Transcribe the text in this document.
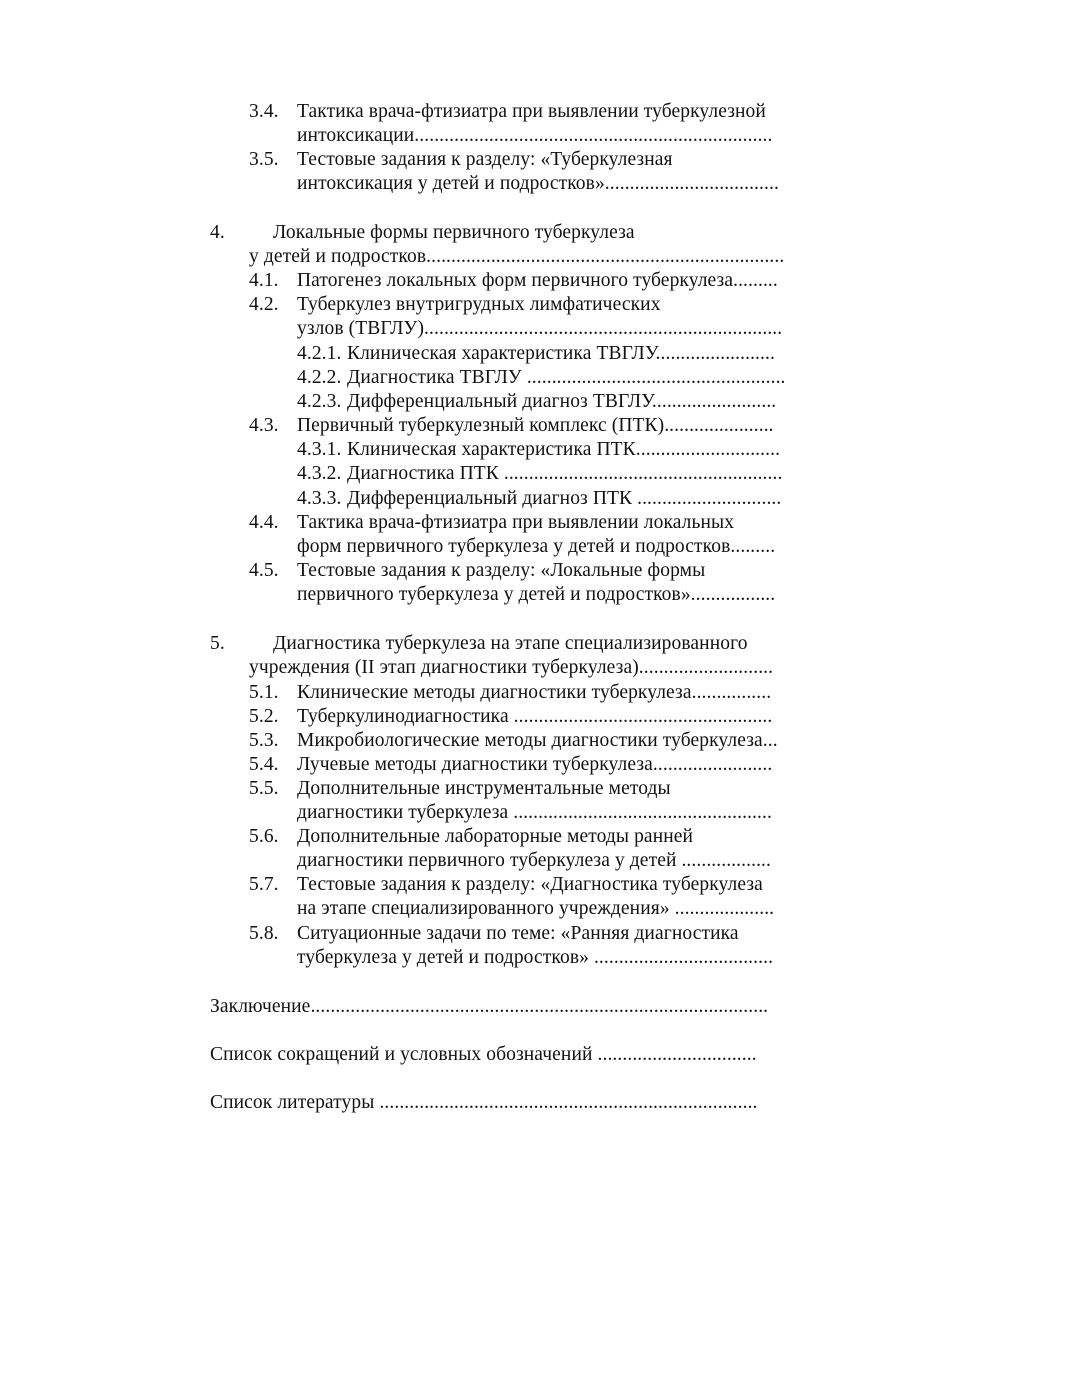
3.4. Тактика врача-фтизиатра при выявлении туберкулезной
интоксикации........................................................................
3.5. Тестовые задания к разделу: «Туберкулезная
интоксикация у детей и подростков»...................................
4. Локальные формы первичного туберкулеза
у детей и подростков........................................................................
4.1. Патогенез локальных форм первичного туберкулеза.........
4.2. Туберкулез внутригрудных лимфатических
узлов (ТВГЛУ)........................................................................
4.2.1. Клиническая характеристика ТВГЛУ........................
4.2.2. Диагностика ТВГЛУ ....................................................
4.2.3. Дифференциальный диагноз ТВГЛУ.........................
4.3. Первичный туберкулезный комплекс (ПТК)......................
4.3.1. Клиническая характеристика ПТК.............................
4.3.2. Диагностика ПТК ........................................................
4.3.3. Дифференциальный диагноз ПТК .............................
4.4. Тактика врача-фтизиатра при выявлении локальных
форм первичного туберкулеза у детей и подростков.........
4.5. Тестовые задания к разделу: «Локальные формы
первичного туберкулеза у детей и подростков».................
5. Диагностика туберкулеза на этапе специализированного
учреждения (II этап диагностики туберкулеза)...........................
5.1. Клинические методы диагностики туберкулеза................
5.2. Туберкулинодиагностика ....................................................
5.3. Микробиологические методы диагностики туберкулеза...
5.4. Лучевые методы диагностики туберкулеза........................
5.5. Дополнительные инструментальные методы
диагностики туберкулеза ....................................................
5.6. Дополнительные лабораторные методы ранней
диагностики первичного туберкулеза у детей ..................
5.7. Тестовые задания к разделу: «Диагностика туберкулеза
на этапе специализированного учреждения» ....................
5.8. Ситуационные задачи по теме: «Ранняя диагностика
туберкулеза у детей и подростков» ....................................
Заключение............................................................................................
Список сокращений и условных обозначений ................................
Список литературы ............................................................................
